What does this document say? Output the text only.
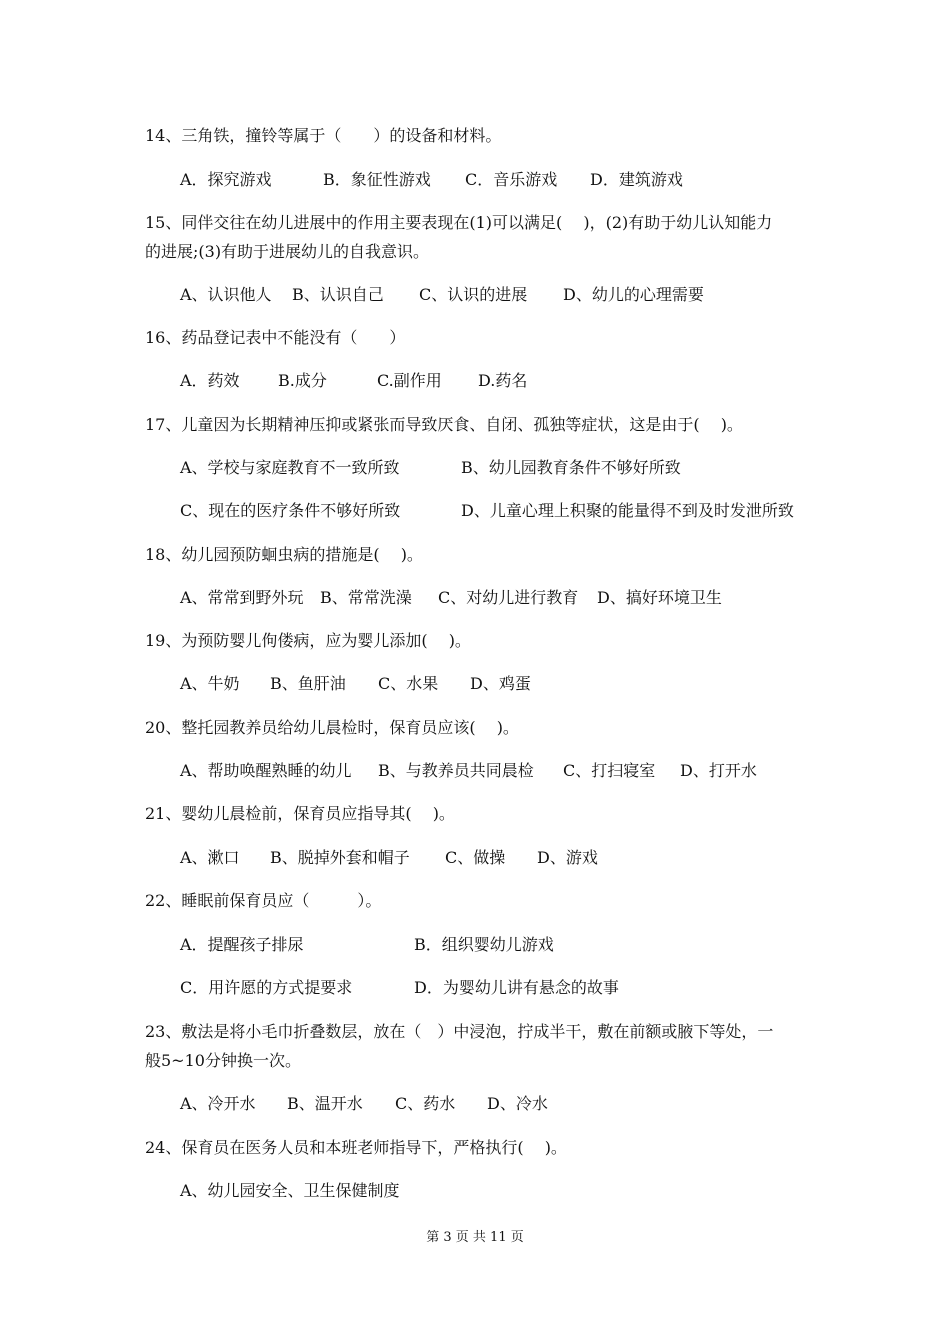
14、三角铁，撞铃等属于（　　）的设备和材料。
A．探究游戏	B．象征性游戏 C．音乐游戏 D．建筑游戏
15、同伴交往在幼儿进展中的作用主要表现在(1)可以满足(　 )，(2)有助于幼儿认知能力
的进展;(3)有助于进展幼儿的自我意识。
A、认识他人 B、认识自己 C、认识的进展 D、幼儿的心理需要
16、药品登记表中不能没有（　　）
A．药效 B.成分	C.副作用 D.药名
17、儿童因为长期精神压抑或紧张而导致厌食、自闭、孤独等症状，这是由于(　 )。
A、学校与家庭教育不一致所致	B、幼儿园教育条件不够好所致
C、现在的医疗条件不够好所致	D、儿童心理上积聚的能量得不到及时发泄所致
18、幼儿园预防蛔虫病的措施是(　 )。
A、常常到野外玩 B、常常洗澡 C、对幼儿进行教育 D、搞好环境卫生
19、为预防婴儿佝偻病，应为婴儿添加(　 )。
A、牛奶 B、鱼肝油 C、水果 D、鸡蛋
20、整托园教养员给幼儿晨检时，保育员应该(　 )。
A、帮助唤醒熟睡的幼儿 B、与教养员共同晨检 C、打扫寝室 D、打开水
21、婴幼儿晨检前，保育员应指导其(　 )。
A、漱口 B、脱掉外套和帽子 C、做操 D、游戏
22、睡眠前保育员应（　　　）。
A．提醒孩子排尿	B．组织婴幼儿游戏
C．用许愿的方式提要求	D．为婴幼儿讲有悬念的故事
23、敷法是将小毛巾折叠数层，放在（　）中浸泡，拧成半干，敷在前额或腋下等处，一
般5~10分钟换一次。
A、冷开水 B、温开水 C、药水 D、冷水
24、保育员在医务人员和本班老师指导下，严格执行(　 )。
A、幼儿园安全、卫生保健制度
第 3 页 共 11 页
